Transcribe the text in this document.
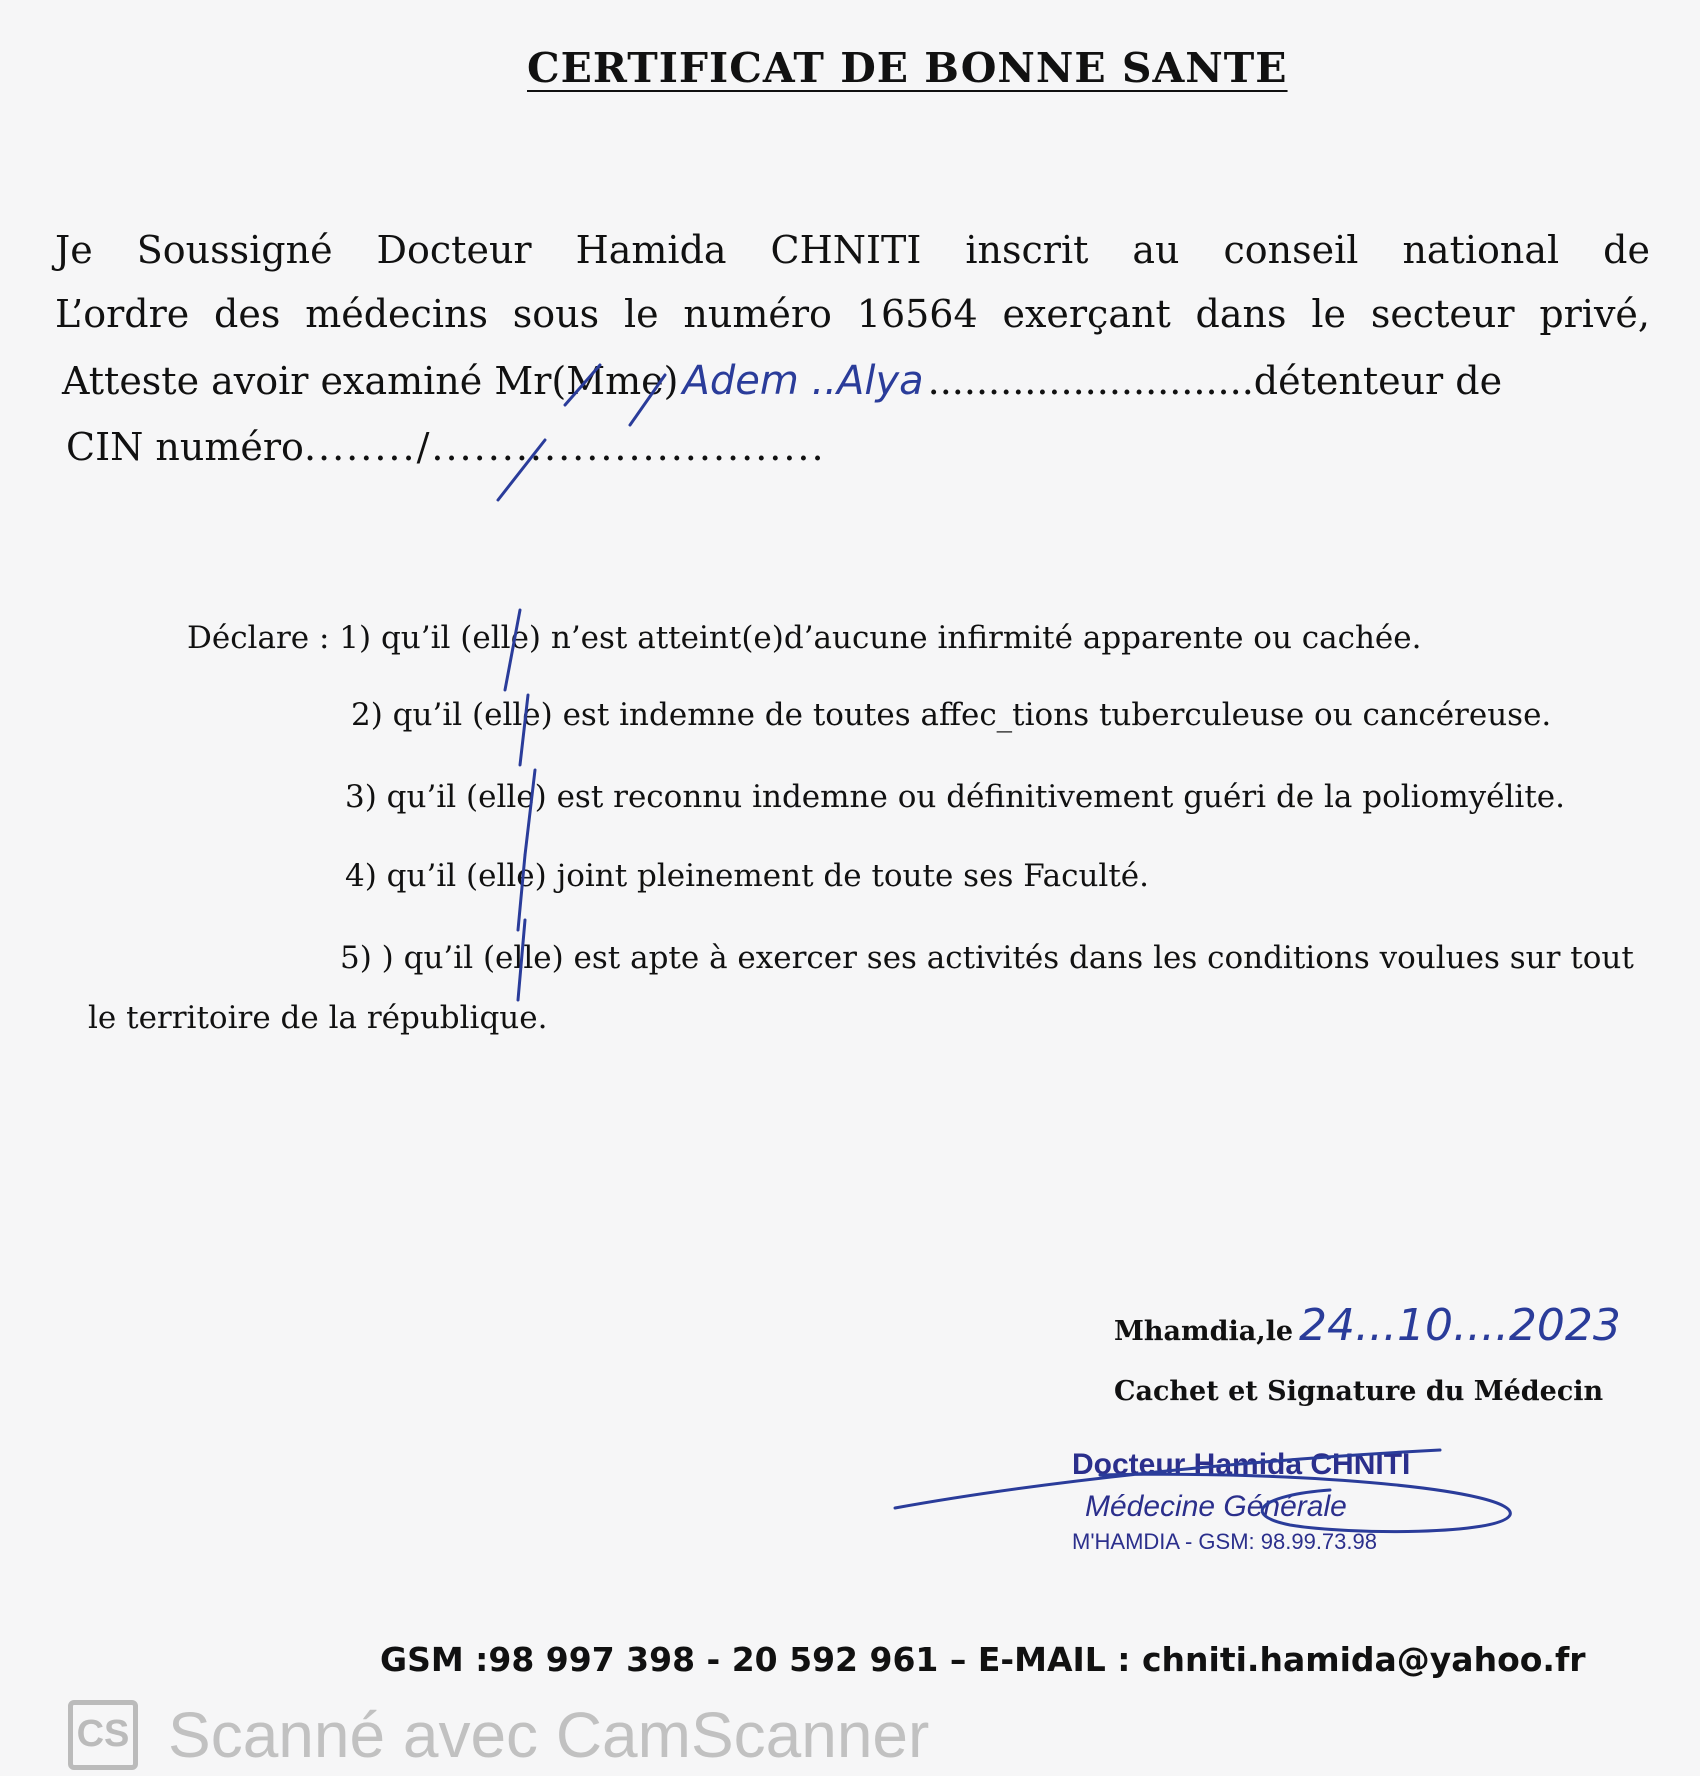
CERTIFICAT DE BONNE SANTE
Je Soussigné Docteur Hamida CHNITI inscrit au conseil national de
L’ordre des médecins sous le numéro 16564 exerçant dans le secteur privé,
Atteste avoir examiné Mr(Mme) Adem ..Alya ........................... détenteur de
CIN numéro......../............................
Déclare : 1) qu’il (elle) n’est atteint(e)d’aucune infirmité apparente ou cachée.
2) qu’il (elle) est indemne de toutes affec_tions tuberculeuse ou cancéreuse.
3) qu’il (elle) est reconnu indemne ou définitivement guéri de la poliomyélite.
4) qu’il (elle) joint pleinement de toute ses Faculté.
5) ) qu’il (elle) est apte à exercer ses activités dans les conditions voulues sur tout
le territoire de la république.
Mhamdia,le 24...10....2023
Cachet et Signature du Médecin
Docteur Hamida CHNITI
Médecine Générale
M'HAMDIA - GSM: 98.99.73.98
GSM :98 997 398 - 20 592 961 – E-MAIL : chniti.hamida@yahoo.fr
CS Scanné avec CamScanner
